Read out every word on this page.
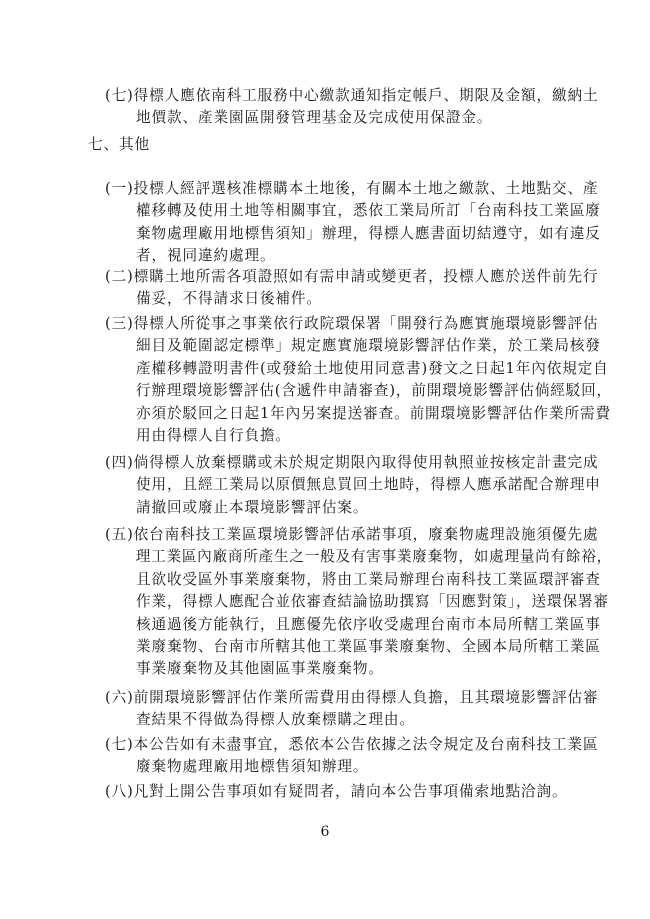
(七)得標人應依南科工服務中心繳款通知指定帳戶、期限及金額，繳納土
　　地價款、產業園區開發管理基金及完成使用保證金。
七、其他
(一)投標人經評選核准標購本土地後，有關本土地之繳款、土地點交、產
　　權移轉及使用土地等相關事宜，悉依工業局所訂「台南科技工業區廢
　　棄物處理廠用地標售須知」辦理，得標人應書面切結遵守，如有違反
　　者，視同違約處理。
(二)標購土地所需各項證照如有需申請或變更者，投標人應於送件前先行
　　備妥，不得請求日後補件。
(三)得標人所從事之事業依行政院環保署「開發行為應實施環境影響評估
　　細目及範圍認定標準」規定應實施環境影響評估作業，於工業局核發
　　產權移轉證明書件(或發給土地使用同意書)發文之日起1年內依規定自
　　行辦理環境影響評估(含遞件申請審查)，前開環境影響評估倘經駁回，
　　亦須於駁回之日起1年內另案提送審查。前開環境影響評估作業所需費
　　用由得標人自行負擔。
(四)倘得標人放棄標購或未於規定期限內取得使用執照並按核定計畫完成
　　使用，且經工業局以原價無息買回土地時，得標人應承諾配合辦理申
　　請撤回或廢止本環境影響評估案。
(五)依台南科技工業區環境影響評估承諾事項，廢棄物處理設施須優先處
　　理工業區內廠商所產生之一般及有害事業廢棄物，如處理量尚有餘裕，
　　且欲收受區外事業廢棄物，將由工業局辦理台南科技工業區環評審查
　　作業，得標人應配合並依審查結論協助撰寫「因應對策」，送環保署審
　　核通過後方能執行，且應優先依序收受處理台南市本局所轄工業區事
　　業廢棄物、台南市所轄其他工業區事業廢棄物、全國本局所轄工業區
　　事業廢棄物及其他園區事業廢棄物。
(六)前開環境影響評估作業所需費用由得標人負擔，且其環境影響評估審
　　查結果不得做為得標人放棄標購之理由。
(七)本公告如有未盡事宜，悉依本公告依據之法令規定及台南科技工業區
　　廢棄物處理廠用地標售須知辦理。
(八)凡對上開公告事項如有疑問者，請向本公告事項備索地點洽詢。
6
